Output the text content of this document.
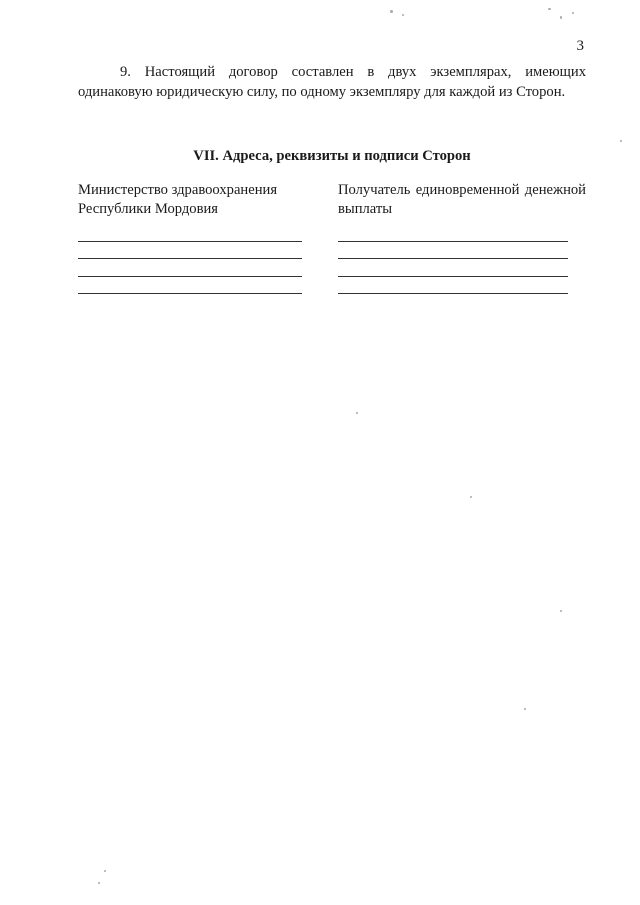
3

9. Настоящий договор составлен в двух экземплярах, имеющих одинаковую юридическую силу, по одному экземпляру для каждой из Сторон.

VII. Адреса, реквизиты и подписи Сторон

Министерство здравоохранения Республики Мордовия

Получатель единовременной денежной выплаты
